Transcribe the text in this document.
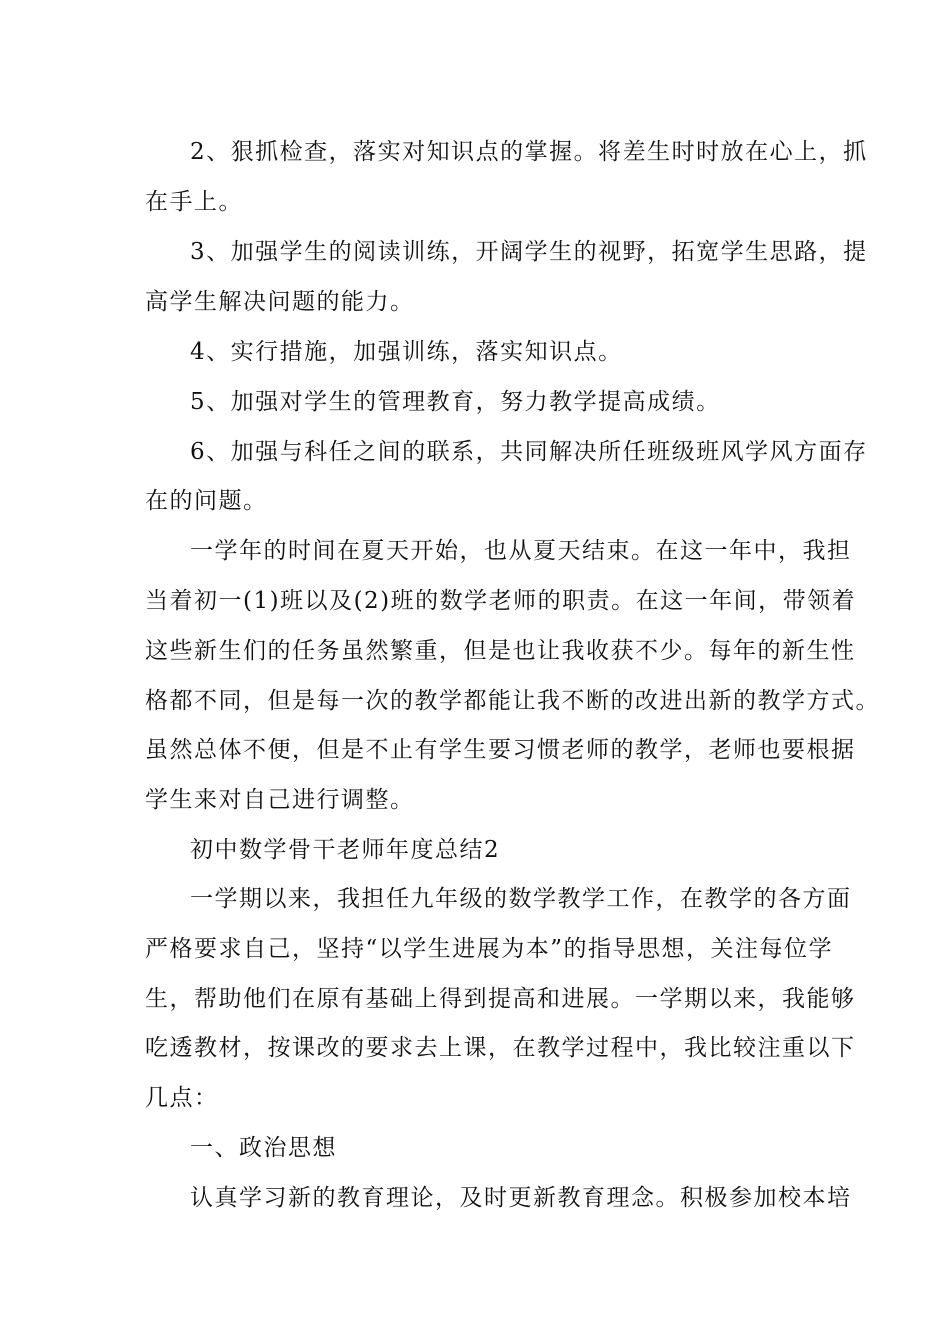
2、狠抓检查，落实对知识点的掌握。将差生时时放在心上，抓

在手上。

3、加强学生的阅读训练，开阔学生的视野，拓宽学生思路，提

高学生解决问题的能力。

4、实行措施，加强训练，落实知识点。

5、加强对学生的管理教育，努力教学提高成绩。

6、加强与科任之间的联系，共同解决所任班级班风学风方面存

在的问题。

一学年的时间在夏天开始，也从夏天结束。在这一年中，我担

当着初一(1)班以及(2)班的数学老师的职责。在这一年间，带领着

这些新生们的任务虽然繁重，但是也让我收获不少。每年的新生性

格都不同，但是每一次的教学都能让我不断的改进出新的教学方式。

虽然总体不便，但是不止有学生要习惯老师的教学，老师也要根据

学生来对自己进行调整。

初中数学骨干老师年度总结2

一学期以来，我担任九年级的数学教学工作，在教学的各方面

严格要求自己，坚持“以学生进展为本”的指导思想，关注每位学

生，帮助他们在原有基础上得到提高和进展。一学期以来，我能够

吃透教材，按课改的要求去上课，在教学过程中，我比较注重以下

几点：

一、政治思想

认真学习新的教育理论，及时更新教育理念。积极参加校本培
